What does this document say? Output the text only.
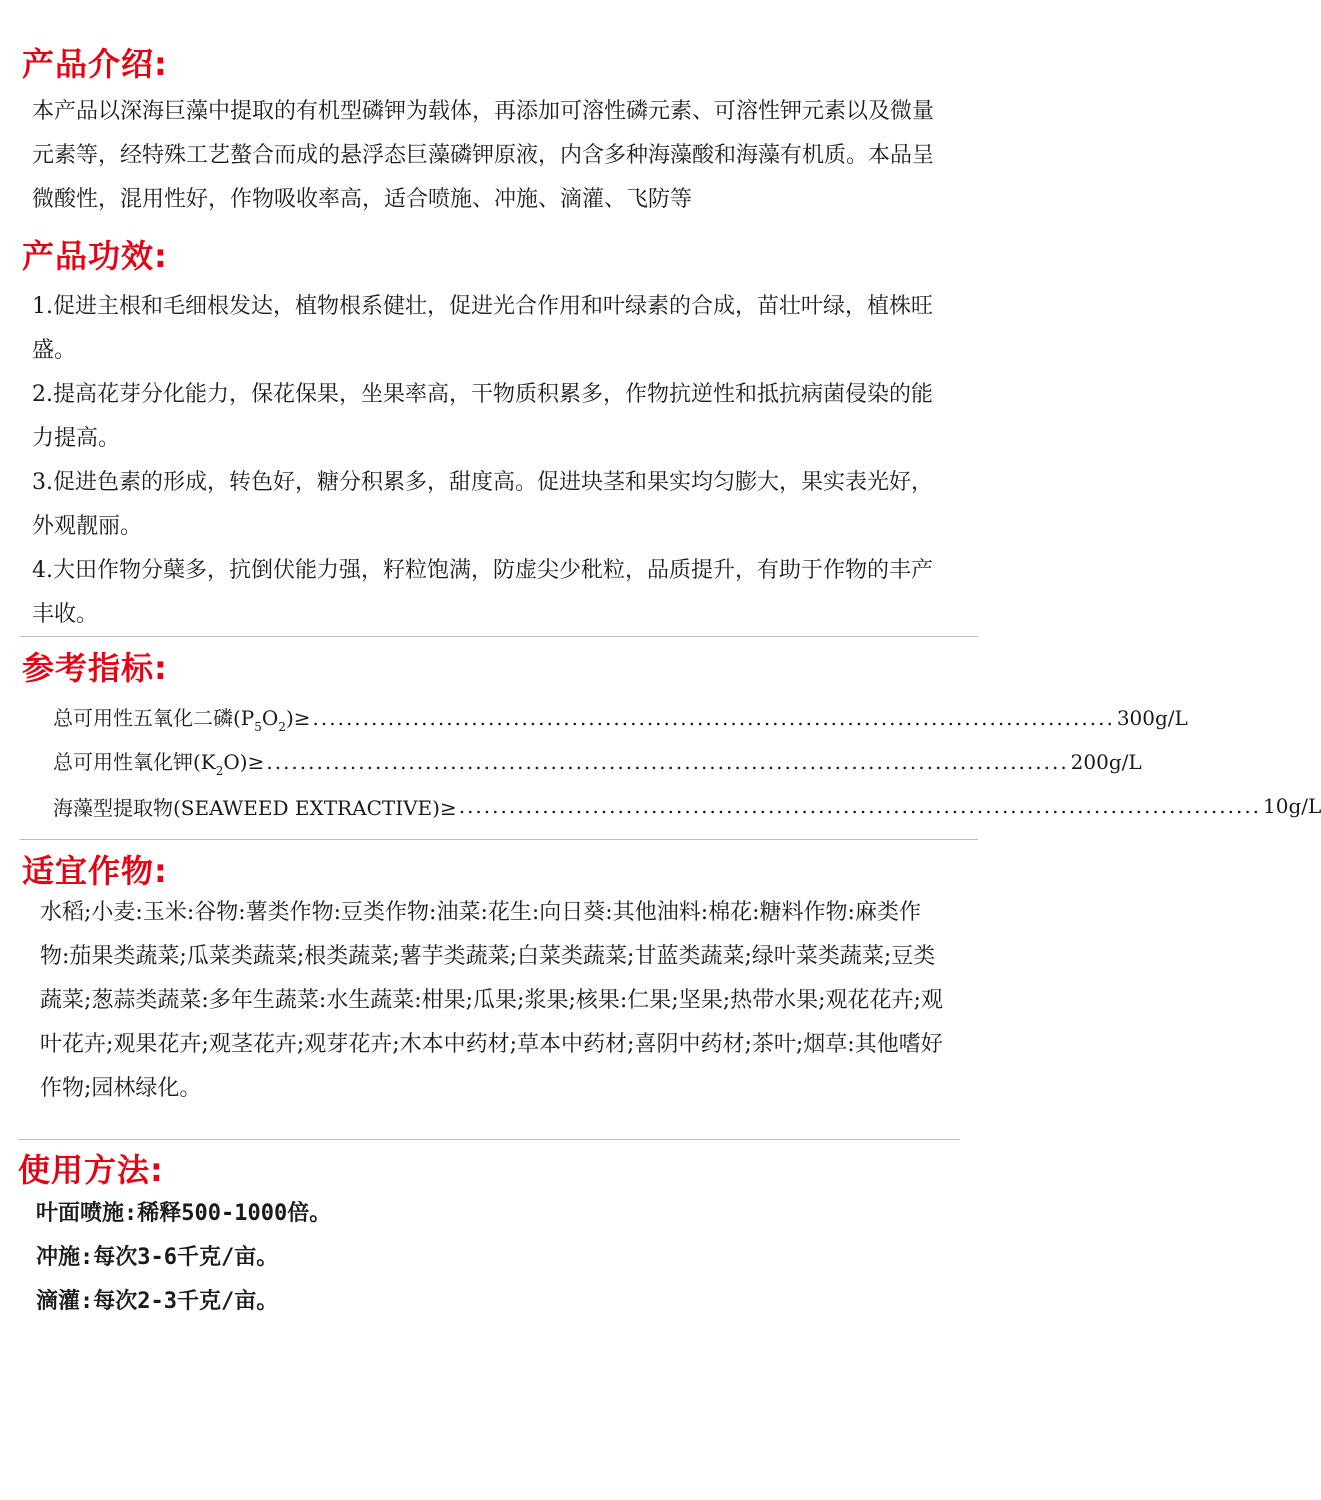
产品介绍:

本产品以深海巨藻中提取的有机型磷钾为载体，再添加可溶性磷元素、可溶性钾元素以及微量元素等，经特殊工艺螯合而成的悬浮态巨藻磷钾原液，内含多种海藻酸和海藻有机质。本品呈微酸性，混用性好，作物吸收率高，适合喷施、冲施、滴灌、飞防等

产品功效:

1.促进主根和毛细根发达，植物根系健壮，促进光合作用和叶绿素的合成，苗壮叶绿，植株旺盛。

2.提高花芽分化能力，保花保果，坐果率高，干物质积累多，作物抗逆性和抵抗病菌侵染的能力提高。

3.促进色素的形成，转色好，糖分积累多，甜度高。促进块茎和果实均匀膨大，果实表光好，外观靓丽。

4.大田作物分蘖多，抗倒伏能力强，籽粒饱满，防虚尖少秕粒，品质提升，有助于作物的丰产丰收。

参考指标:
总可用性五氧化二磷$(P_5O_2)\ge$ ................................................................................................ 300g/L
总可用性氧化钾$(K_2O)\ge$ ................................................................................................ 200g/L
海藻型提取物(SEAWEED EXTRACTIVE)≥ ................................................................................................ 10g/L
适宜作物:

水稻;小麦:玉米:谷物:薯类作物:豆类作物:油菜:花生:向日葵:其他油料:棉花:糖料作物:麻类作物:茄果类蔬菜;瓜菜类蔬菜;根类蔬菜;薯芋类蔬菜;白菜类蔬菜;甘蓝类蔬菜;绿叶菜类蔬菜;豆类蔬菜;葱蒜类蔬菜:多年生蔬菜:水生蔬菜:柑果;瓜果;浆果;核果:仁果;坚果;热带水果;观花花卉;观叶花卉;观果花卉;观茎花卉;观芽花卉;木本中药材;草本中药材;喜阴中药材;茶叶;烟草:其他嗜好作物;园林绿化。

使用方法:

叶面喷施:稀释500-1000倍。

冲施:每次3-6千克/亩。

滴灌:每次2-3千克/亩。
